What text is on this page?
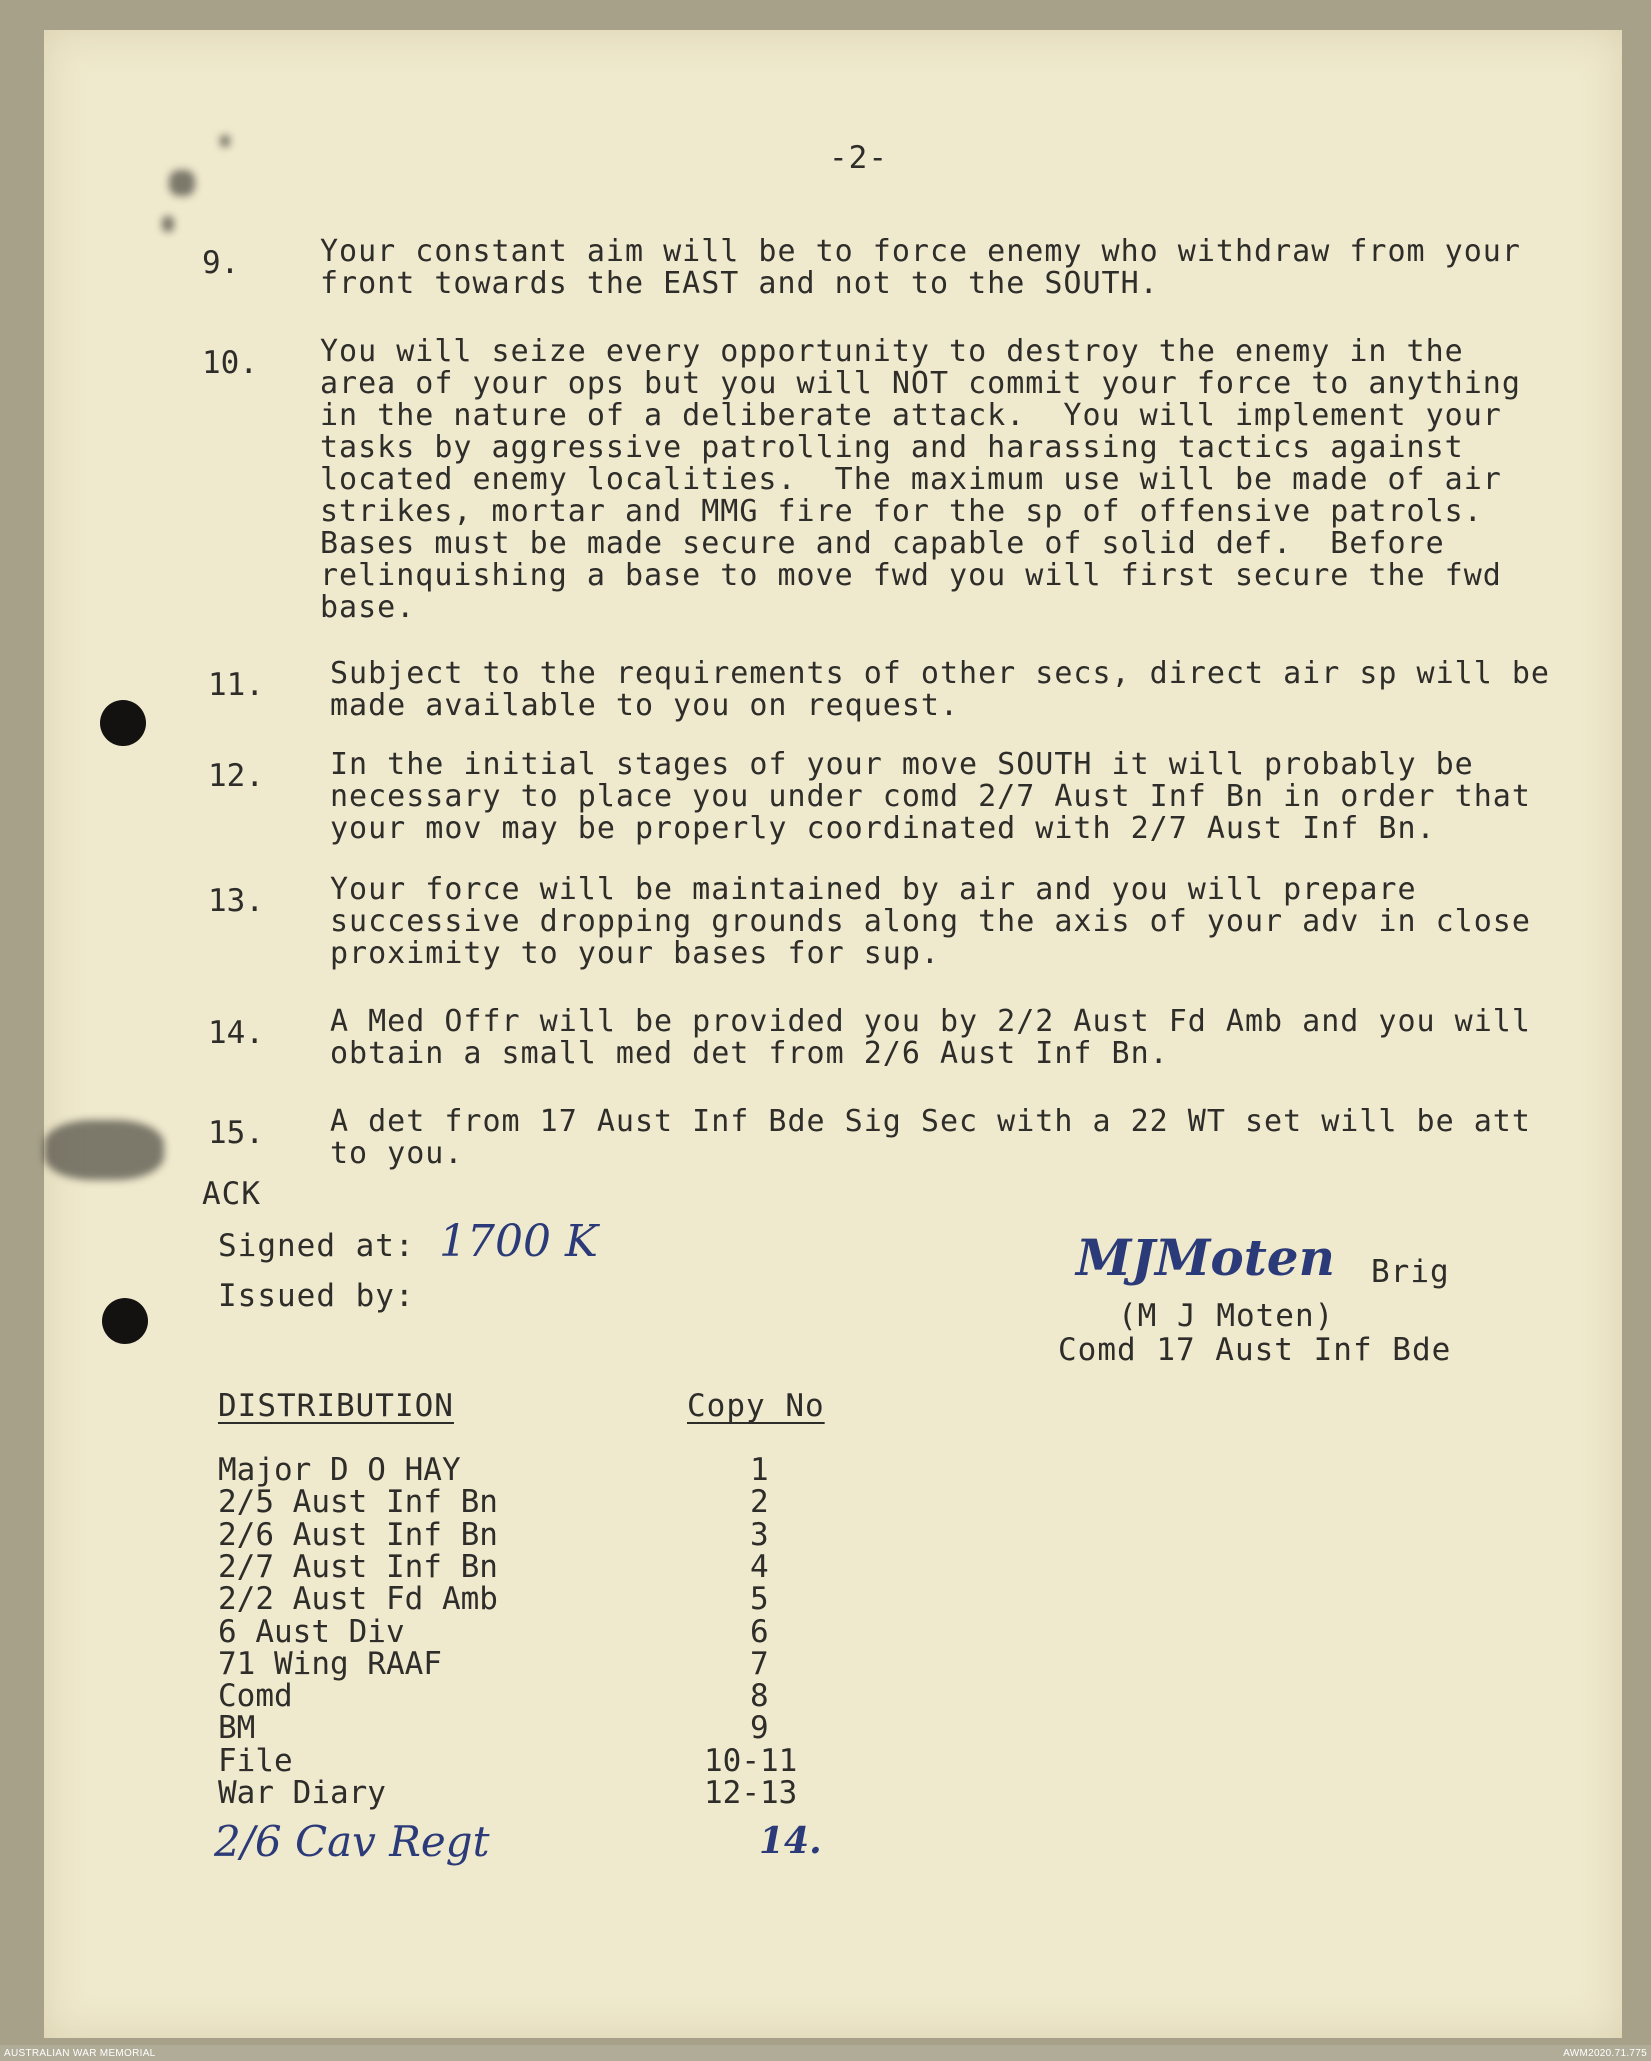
-2-
9.	Your constant aim will be to force enemy who withdraw from your
front towards the EAST and not to the SOUTH.
10. You will seize every opportunity to destroy the enemy in the
area of your ops but you will NOT commit your force to anything
in the nature of a deliberate attack.  You will implement your
tasks by aggressive patrolling and harassing tactics against
located enemy localities.  The maximum use will be made of air
strikes, mortar and MMG fire for the sp of offensive patrols.
Bases must be made secure and capable of solid def.  Before
relinquishing a base to move fwd you will first secure the fwd
base.
11. Subject to the requirements of other secs, direct air sp will be
made available to you on request.
12. In the initial stages of your move SOUTH it will probably be
necessary to place you under comd 2/7 Aust Inf Bn in order that
your mov may be properly coordinated with 2/7 Aust Inf Bn.
13. Your force will be maintained by air and you will prepare
successive dropping grounds along the axis of your adv in close
proximity to your bases for sup.
14. A Med Offr will be provided you by 2/2 Aust Fd Amb and you will
obtain a small med det from 2/6 Aust Inf Bn.
15. A det from 17 Aust Inf Bde Sig Sec with a 22 WT set will be att
to you.
ACK
Signed at: 1700 K
Issued by:
MJMoten Brig
(M J Moten)
Comd 17 Aust Inf Bde
DISTRIBUTION	Copy No
Major D O HAY	1
2/5 Aust Inf Bn	2
2/6 Aust Inf Bn	3
2/7 Aust Inf Bn	4
2/2 Aust Fd Amb	5
6 Aust Div	6
71 Wing RAAF	7
Comd	8
BM	9
File	10-11
War Diary	12-13
2/6 Cav Regt	14.
AUSTRALIAN WAR MEMORIAL	AWM2020.71.775
